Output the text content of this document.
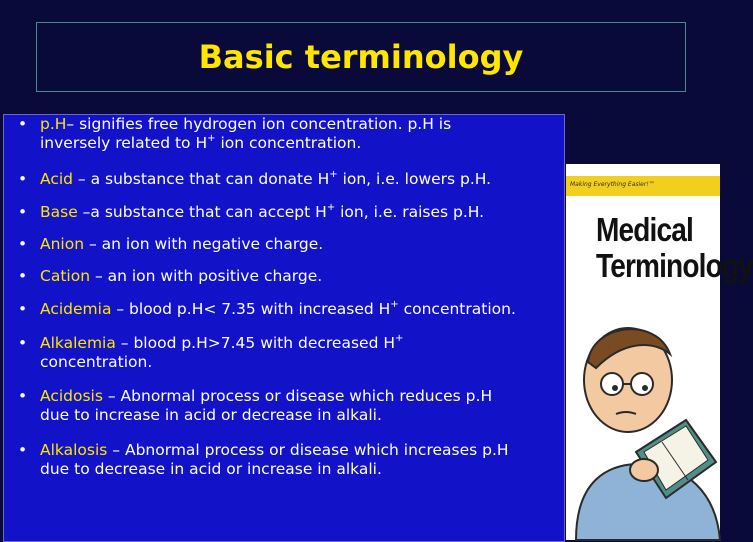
Basic terminology
• p.H– signifies free hydrogen ion concentration. p.H is
inversely related to H+ ion concentration.
• Acid – a substance that can donate H+ ion, i.e. lowers p.H.
• Base –a substance that can accept H+ ion, i.e. raises p.H.
• Anion – an ion with negative charge.
• Cation – an ion with positive charge.
• Acidemia – blood p.H< 7.35 with increased H+ concentration.
• Alkalemia – blood p.H>7.45 with decreased H+
concentration.
• Acidosis – Abnormal process or disease which reduces p.H
due to increase in acid or decrease in alkali.
• Alkalosis – Abnormal process or disease which increases p.H
due to decrease in acid or increase in alkali.
Making Everything Easier!™
Medical
Terminology
